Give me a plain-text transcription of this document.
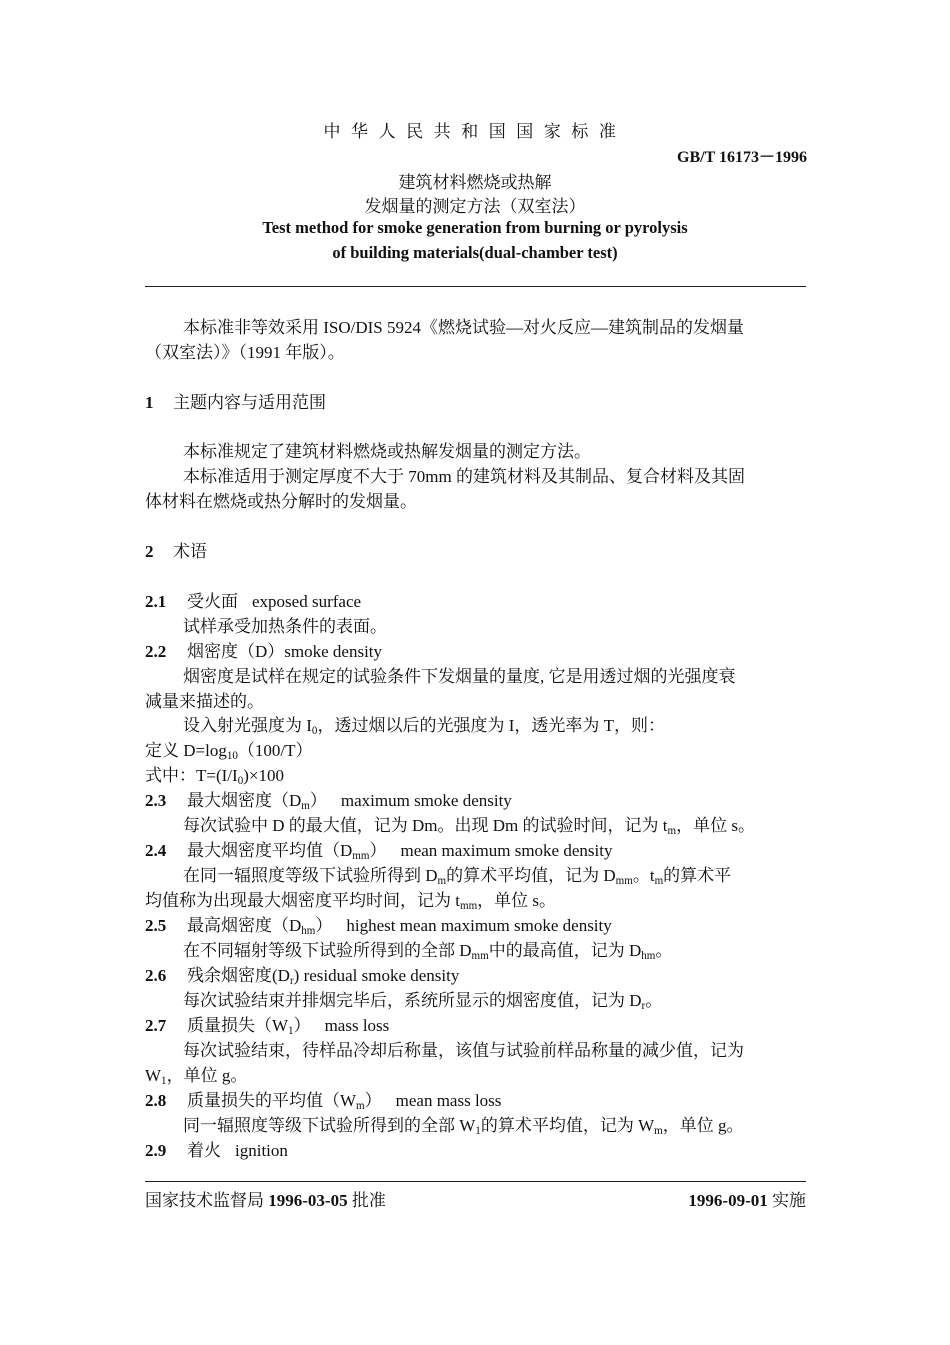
中华人民共和国国家标准
GB/T 16173－1996
建筑材料燃烧或热解
发烟量的测定方法（双室法）
Test method for smoke generation from burning or pyrolysis
of building materials(dual-chamber test)
本标准非等效采用 ISO/DIS 5924《燃烧试验—对火反应—建筑制品的发烟量
（双室法）》（1991 年版）。
1 主题内容与适用范围
本标准规定了建筑材料燃烧或热解发烟量的测定方法。
本标准适用于测定厚度不大于 70mm 的建筑材料及其制品、复合材料及其固
体材料在燃烧或热分解时的发烟量。
2 术语
2.1 受火面 exposed surface
试样承受加热条件的表面。
2.2 烟密度（D）smoke density
烟密度是试样在规定的试验条件下发烟量的量度, 它是用透过烟的光强度衰
减量来描述的。
设入射光强度为 $I_0$，透过烟以后的光强度为 I，透光率为 T，则：
定义 $D=\log_{10}(100/T)$
式中：$T=(I/I_0)\times 100$
2.3 最大烟密度$(D_m)$ maximum smoke density
每次试验中 D 的最大值，记为 Dm。出现 Dm 的试验时间，记为 $t_m$，单位 s。
2.4 最大烟密度平均值$(D_{mm})$ mean maximum smoke density
在同一辐照度等级下试验所得到 $D_m$的算术平均值，记为 $D_{mm}$。$t_m$的算术平
均值称为出现最大烟密度平均时间，记为 $t_{mm}$，单位 s。
2.5 最高烟密度$(D_{hm})$ highest mean maximum smoke density
在不同辐射等级下试验所得到的全部 $D_{mm}$中的最高值，记为 $D_{hm}$。
2.6 残余烟密度$(D_r)$ residual smoke density
每次试验结束并排烟完毕后，系统所显示的烟密度值，记为 $D_r$。
2.7 质量损失$(W_1)$ mass loss
每次试验结束，待样品冷却后称量，该值与试验前样品称量的减少值，记为
$W_1$，单位 g。
2.8 质量损失的平均值$(W_m)$ mean mass loss
同一辐照度等级下试验所得到的全部 $W_1$的算术平均值，记为 $W_m$，单位 g。
2.9 着火 ignition
国家技术监督局 1996-03-05 批准	1996-09-01 实施
